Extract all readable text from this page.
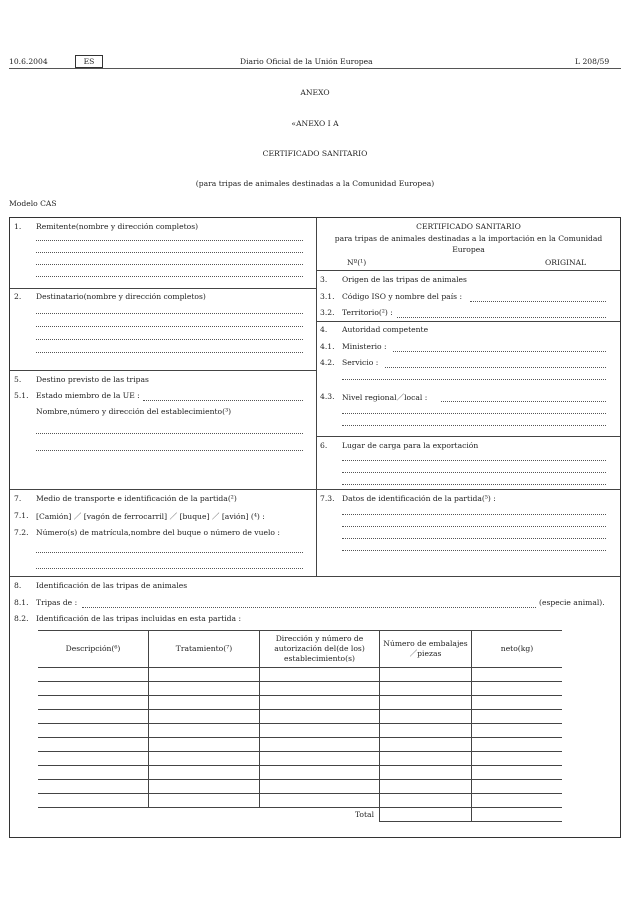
10.6.2004	ES	Diario Oficial de la Unión Europea	L 208/59
ANEXO
«ANEXO I A
CERTIFICADO SANITARIO
(para tripas de animales destinadas a la Comunidad Europea)
Modelo CAS
1. Remitente(nombre y dirección completos)	CERTIFICADO SANITARIO
para tripas de animales destinadas a la importación en la Comunidad
Europea
Nº(¹)	ORIGINAL
2. Destinatario(nombre y dirección completos)
3. Origen de las tripas de animales
3.1. Código ISO y nombre del país :
3.2. Territorio(²) :
4. Autoridad competente
4.1. Ministerio :
4.2. Servicio :
4.3. Nivel regional／local :
5. Destino previsto de las tripas
5.1. Estado miembro de la UE :
Nombre,número y dirección del establecimiento(³)
6. Lugar de carga para la exportación
7. Medio de transporte e identificación de la partida(²)
7.1. [Camión] ／ [vagón de ferrocarril] ／ [buque] ／ [avión] (⁴) :
7.2. Número(s) de matrícula,nombre del buque o número de vuelo :
7.3. Datos de identificación de la partida(⁵) :
8. Identificación de las tripas de animales
8.1. Tripas de :	(especie animal).
8.2. Identificación de las tripas incluidas en esta partida :
Descripción(⁶)	Tratamiento(⁷)	Dirección y número de autorización del(de los) establecimiento(s)	Número de embalajes／piezas	neto(kg)

Total				
